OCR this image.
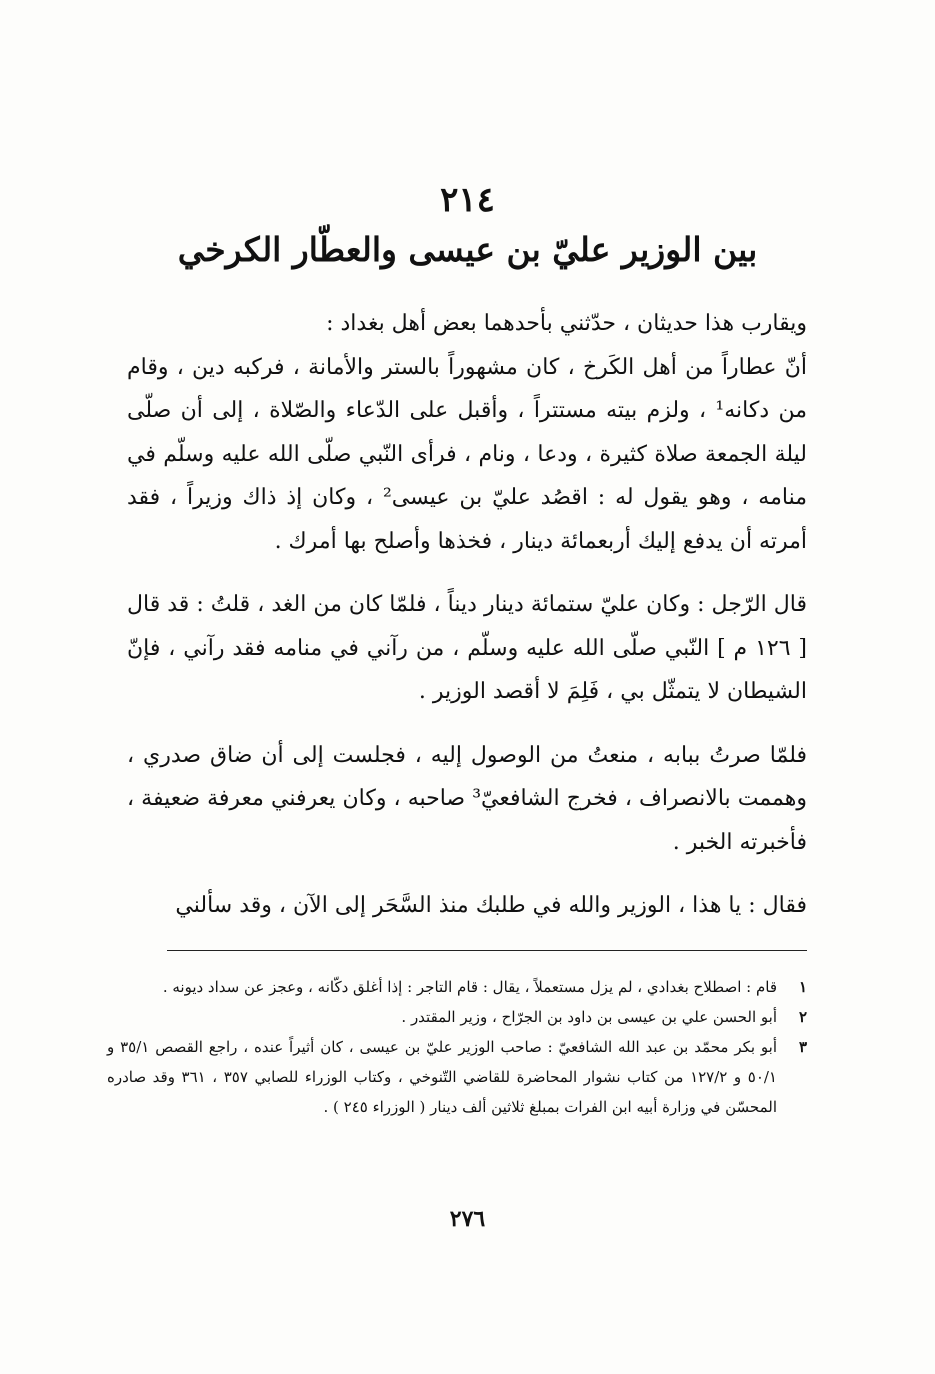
٢١٤
بين الوزير عليّ بن عيسى والعطّار الكرخي

ويقارب هذا حديثان ، حدّثني بأحدهما بعض أهل بغداد :

أنّ عطاراً من أهل الكَرخ ، كان مشهوراً بالستر والأمانة ، فركبه دين ، وقام من دكانه¹ ، ولزم بيته مستتراً ، وأقبل على الدّعاء والصّلاة ، إلى أن صلّى ليلة الجمعة صلاة كثيرة ، ودعا ، ونام ، فرأى النّبي صلّى الله عليه وسلّم في منامه ، وهو يقول له : اقصُد عليّ بن عيسى² ، وكان إذ ذاك وزيراً ، فقد أمرته أن يدفع إليك أربعمائة دينار ، فخذها وأصلح بها أمرك .

قال الرّجل : وكان عليّ ستمائة دينار ديناً ، فلمّا كان من الغد ، قلتُ : قد قال [ ١٢٦ م ] النّبي صلّى الله عليه وسلّم ، من رآني في منامه فقد رآني ، فإنّ الشيطان لا يتمثّل بي ، فَلِمَ لا أقصد الوزير .

فلمّا صرتُ ببابه ، منعتُ من الوصول إليه ، فجلست إلى أن ضاق صدري ، وهممت بالانصراف ، فخرج الشافعيّ³ صاحبه ، وكان يعرفني معرفة ضعيفة ، فأخبرته الخبر .

فقال : يا هذا ، الوزير والله في طلبك منذ السَّحَر إلى الآن ، وقد سألني

١
قام : اصطلاح بغدادي ، لم يزل مستعملاً ، يقال : قام التاجر : إذا أغلق دكّانه ، وعجز عن سداد ديونه .
٢
أبو الحسن علي بن عيسى بن داود بن الجرّاح ، وزير المقتدر .
٣
أبو بكر محمّد بن عبد الله الشافعيّ : صاحب الوزير عليّ بن عيسى ، كان أثيراً عنده ، راجع القصص ٣٥/١ و ٥٠/١ و ١٢٧/٢ من كتاب نشوار المحاضرة للقاضي التّنوخي ، وكتاب الوزراء للصابي ٣٥٧ ، ٣٦١ وقد صادره المحسّن في وزارة أبيه ابن الفرات بمبلغ ثلاثين ألف دينار ( الوزراء ٢٤٥ ) .
٢٧٦
